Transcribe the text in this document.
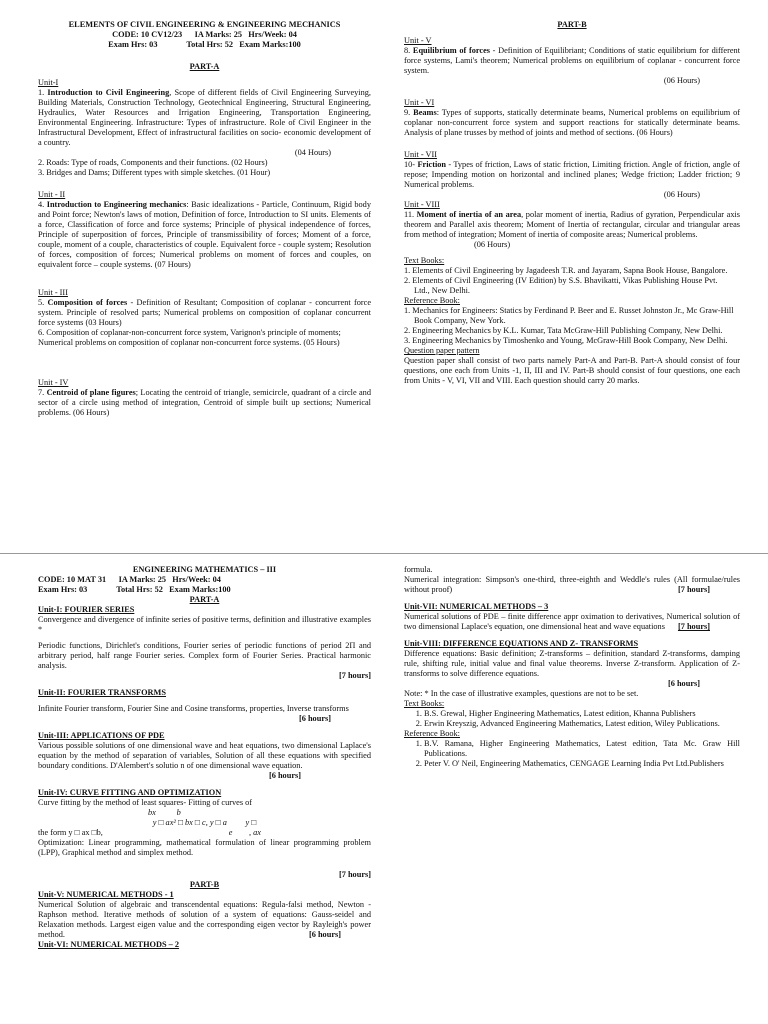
ELEMENTS OF CIVIL ENGINEERING & ENGINEERING MECHANICS
CODE: 10 CV12/23      IA Marks: 25   Hrs/Week: 04
Exam Hrs: 03              Total Hrs: 52   Exam Marks:100
PART-A
Unit-I
1. Introduction to Civil Engineering, Scope of different fields of Civil Engineering Surveying, Building Materials, Construction Technology, Geotechnical Engineering, Structural Engineering, Hydraulics, Water Resources and Irrigation Engineering, Transportation Engineering, Environmental Engineering. Infrastructure: Types of infrastructure. Role of Civil Engineer in the Infrastructural Development, Effect of infrastructural facilities on socio- economic development of a country.
(04 Hours)
2. Roads: Type of roads, Components and their functions. (02 Hours)
3. Bridges and Dams; Different types with simple sketches. (01 Hour)
Unit - II
4. Introduction to Engineering mechanics: Basic idealizations - Particle, Continuum, Rigid body and Point force; Newton's laws of motion, Definition of force, Introduction to SI units. Elements of a force, Classification of force and force systems; Principle of physical independence of forces, Principle of superposition of forces, Principle of transmissibility of forces; Moment of a force, couple, moment of a couple, characteristics of couple. Equivalent force - couple system; Resolution of forces, composition of forces; Numerical problems on moment of forces and couples, on equivalent force – couple systems. (07 Hours)
Unit - III
5. Composition of forces - Definition of Resultant; Composition of coplanar - concurrent force system. Principle of resolved parts; Numerical problems on composition of coplanar concurrent force systems (03 Hours)
6. Composition of coplanar-non-concurrent force system, Varignon's principle of moments;
Numerical problems on composition of coplanar non-concurrent force systems. (05 Hours)
Unit - IV
7. Centroid of plane figures; Locating the centroid of triangle, semicircle, quadrant of a circle and sector of a circle using method of integration, Centroid of simple built up sections; Numerical problems. (06 Hours)
PART-B
Unit - V
8. Equilibrium of forces - Definition of Equilibriant; Conditions of static equilibrium for different force systems, Lami's theorem; Numerical problems on equilibrium of coplanar - concurrent force system.
(06 Hours)
Unit - VI
9. Beams: Types of supports, statically determinate beams, Numerical problems on equilibrium of coplanar non-concurrent force system and support reactions for statically determinate beams. Analysis of plane trusses by method of joints and method of sections. (06 Hours)
Unit - VII
10- Friction - Types of friction, Laws of static friction, Limiting friction. Angle of friction, angle of repose; Impending motion on horizontal and inclined planes; Wedge friction; Ladder friction; 9 Numerical problems.
(06 Hours)
Unit - VIII
11. Moment of inertia of an area, polar moment of inertia, Radius of gyration, Perpendicular axis theorem and Parallel axis theorem; Moment of Inertia of rectangular, circular and triangular areas from method of integration; Moment of inertia of composite areas; Numerical problems.
(06 Hours)
Text Books:
1. Elements of Civil Engineering by Jagadeesh T.R. and Jayaram, Sapna Book House, Bangalore.
2. Elements of Civil Engineering (IV Edition) by S.S. Bhavikatti, Vikas Publishing House Pvt.
Ltd., New Delhi.
Reference Book:
1. Mechanics for Engineers: Statics by Ferdinand P. Beer and E. Russet Johnston Jr., Mc Graw-Hill
Book Company, New York.
2. Engineering Mechanics by K.L. Kumar, Tata McGraw-Hill Publishing Company, New Delhi.
3. Engineering Mechanics by Timoshenko and Young, McGraw-Hill Book Company, New Delhi.
Question paper pattern
Question paper shall consist of two parts namely Part-A and Part-B. Part-A should consist of four questions, one each from Units -1, II, III and IV. Part-B should consist of four questions, one each from Units - V, VI, VII and VIII. Each question should carry 20 marks.
ENGINEERING MATHEMATICS – III
CODE: 10 MAT 31      IA Marks: 25   Hrs/Week: 04
Exam Hrs: 03              Total Hrs: 52   Exam Marks:100
PART-A
Unit-I: FOURIER SERIES
Convergence and divergence of infinite series of positive terms, definition and illustrative examples *
Periodic functions, Dirichlet's conditions, Fourier series of periodic functions of period 2Π and arbitrary period, half range Fourier series. Complex form of Fourier Series. Practical harmonic analysis.
[7 hours]
Unit-II: FOURIER TRANSFORMS
Infinite Fourier transform, Fourier Sine and Cosine transforms, properties, Inverse transforms
[6 hours]
Unit-III: APPLICATIONS OF PDE
Various possible solutions of one dimensional wave and heat equations, two dimensional Laplace's equation by the method of separation of variables, Solution of all these equations with specified boundary conditions. D'Alembert's solutio n of one dimensional wave equation.
[6 hours]
Unit-IV: CURVE FITTING AND OPTIMIZATION
Curve fitting by the method of least squares- Fitting of curves of
bx          b
y □ ax² □ bx □ c, y □ a         y □
the form y □ ax □b,	e        , ax
Optimization: Linear programming, mathematical formulation of linear programming problem (LPP), Graphical method and simplex method.
[7 hours]
PART-B
Unit-V: NUMERICAL METHODS - 1
Numerical Solution of algebraic and transcendental equations: Regula-falsi method, Newton - Raphson method. Iterative methods of solution of a system of equations: Gauss-seidel and Relaxation methods. Largest eigen value and the corresponding eigen vector by Rayleigh's power method.	[6 hours]
Unit-VI: NUMERICAL METHODS – 2
formula.
Numerical integration: Simpson's one-third, three-eighth and Weddle's rules (All formulae/rules without proof)	[7 hours]
Unit-VII: NUMERICAL METHODS – 3
Numerical solutions of PDE – finite difference appr oximation to derivatives, Numerical solution of two dimensional Laplace's equation, one dimensional heat and wave equations	[7 hours]
Unit-VIII: DIFFERENCE EQUATIONS AND Z- TRANSFORMS
Difference equations: Basic definition; Z-transforms – definition, standard Z-transforms, damping rule, shifting rule, initial value and final value theorems. Inverse Z-transform. Application of Z-transforms to solve difference equations.
[6 hours]
Note: * In the case of illustrative examples, questions are not to be set.
Text Books:
1. B.S. Grewal, Higher Engineering Mathematics, Latest edition, Khanna Publishers
2. Erwin Kreyszig, Advanced Engineering Mathematics, Latest edition, Wiley Publications.
Reference Book:
1. B.V. Ramana, Higher Engineering Mathematics, Latest edition, Tata Mc. Graw Hill Publications.
2. Peter V. O' Neil, Engineering Mathematics, CENGAGE Learning India Pvt Ltd.Publishers
